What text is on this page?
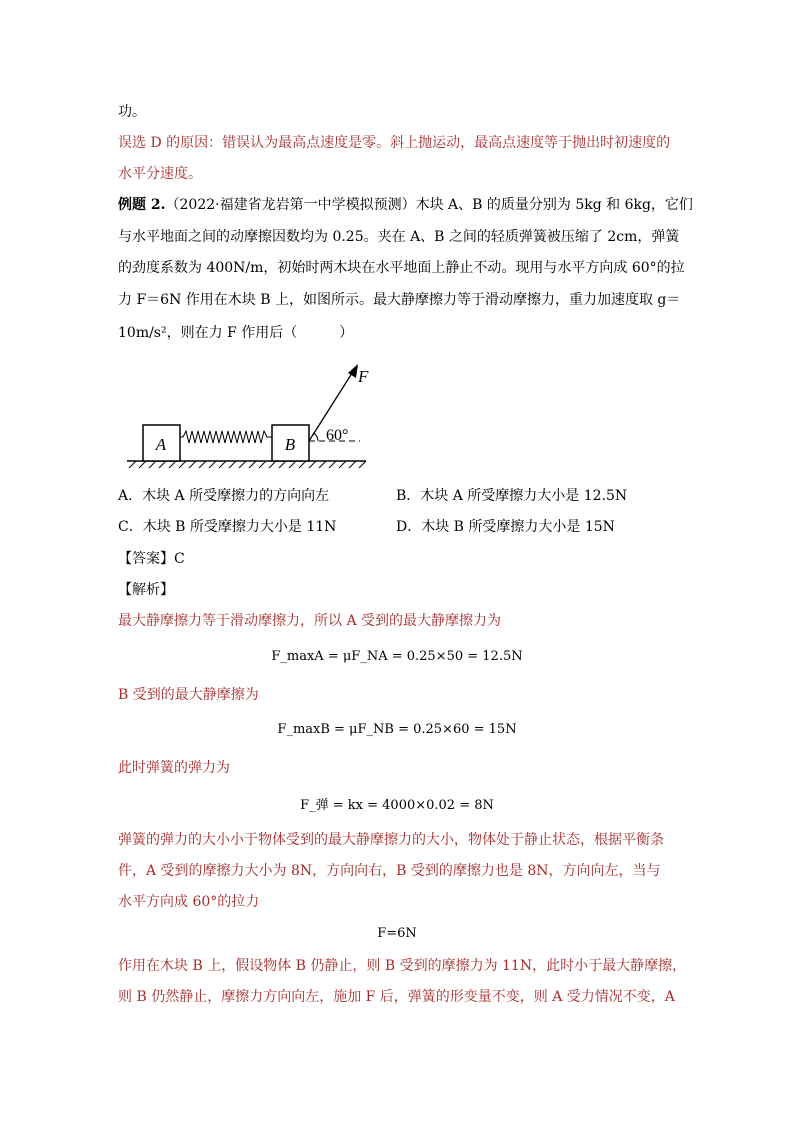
功。
误选 D 的原因：错误认为最高点速度是零。斜上抛运动，最高点速度等于抛出时初速度的
水平分速度。
例题 2.（2022·福建省龙岩第一中学模拟预测）木块 A、B 的质量分别为 5kg 和 6kg，它们
与水平地面之间的动摩擦因数均为 0.25。夹在 A、B 之间的轻质弹簧被压缩了 2cm，弹簧
的劲度系数为 400N/m，初始时两木块在水平地面上静止不动。现用与水平方向成 60°的拉
力 F＝6N 作用在木块 B 上，如图所示。最大静摩擦力等于滑动摩擦力，重力加速度取 g＝
10m/s²，则在力 F 作用后（　　　）
A	B
F
60°
A．木块 A 所受摩擦力的方向向左	B．木块 A 所受摩擦力大小是 12.5N
C．木块 B 所受摩擦力大小是 11N	D．木块 B 所受摩擦力大小是 15N
【答案】C
【解析】
最大静摩擦力等于滑动摩擦力，所以 A 受到的最大静摩擦力为
F_maxA = μF_NA = 0.25×50 = 12.5N
B 受到的最大静摩擦为
F_maxB = μF_NB = 0.25×60 = 15N
此时弹簧的弹力为
F_弹 = kx = 4000×0.02 = 8N
弹簧的弹力的大小小于物体受到的最大静摩擦力的大小，物体处于静止状态，根据平衡条
件，A 受到的摩擦力大小为 8N，方向向右，B 受到的摩擦力也是 8N，方向向左，当与
水平方向成 60°的拉力
F=6N
作用在木块 B 上，假设物体 B 仍静止，则 B 受到的摩擦力为 11N，此时小于最大静摩擦，
则 B 仍然静止，摩擦力方向向左，施加 F 后，弹簧的形变量不变，则 A 受力情况不变，A
